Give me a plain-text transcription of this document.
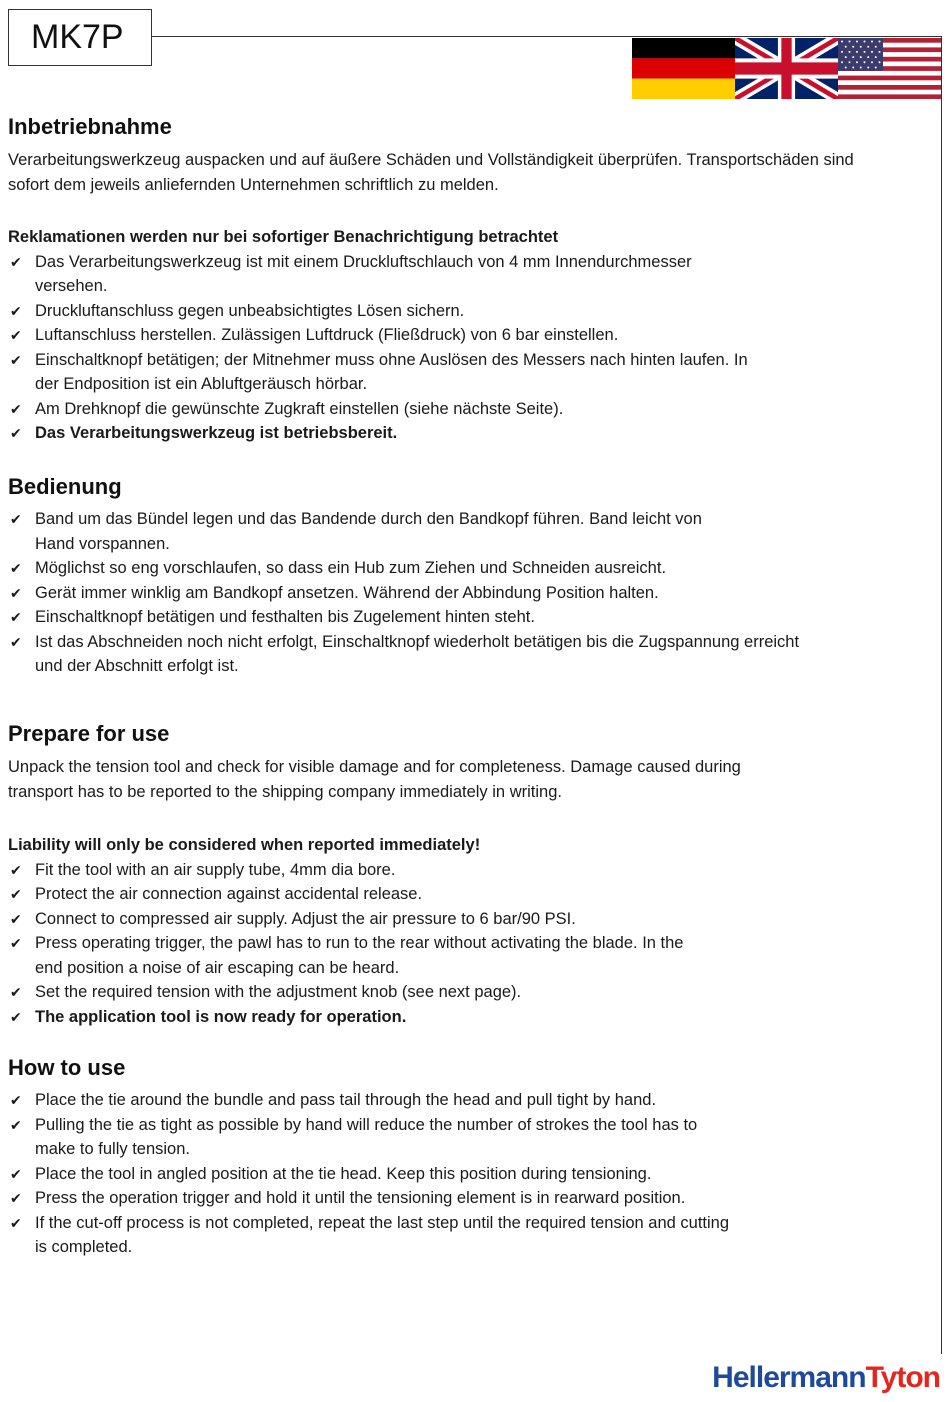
MK7P
Inbetriebnahme

Verarbeitungswerkzeug auspacken und auf äußere Schäden und Vollständigkeit überprüfen. Transportschäden sind sofort dem jeweils anliefernden Unternehmen schriftlich zu melden.

Reklamationen werden nur bei sofortiger Benachrichtigung betrachtet

✔ Das Verarbeitungswerkzeug ist mit einem Druckluftschlauch von 4 mm Innendurchmesser versehen.
✔ Druckluftanschluss gegen unbeabsichtigtes Lösen sichern.
✔ Luftanschluss herstellen. Zulässigen Luftdruck (Fließdruck) von 6 bar einstellen.
✔ Einschaltknopf betätigen; der Mitnehmer muss ohne Auslösen des Messers nach hinten laufen. In der Endposition ist ein Abluftgeräusch hörbar.
✔ Am Drehknopf die gewünschte Zugkraft einstellen (siehe nächste Seite).
✔ Das Verarbeitungswerkzeug ist betriebsbereit.
Bedienung
✔ Band um das Bündel legen und das Bandende durch den Bandkopf führen. Band leicht von Hand vorspannen.
✔ Möglichst so eng vorschlaufen, so dass ein Hub zum Ziehen und Schneiden ausreicht.
✔ Gerät immer winklig am Bandkopf ansetzen. Während der Abbindung Position halten.
✔ Einschaltknopf betätigen und festhalten bis Zugelement hinten steht.
✔ Ist das Abschneiden noch nicht erfolgt, Einschaltknopf wiederholt betätigen bis die Zugspannung erreicht und der Abschnitt erfolgt ist.
Prepare for use

Unpack the tension tool and check for visible damage and for completeness. Damage caused during transport has to be reported to the shipping company immediately in writing.

Liability will only be considered when reported immediately!

✔ Fit the tool with an air supply tube, 4mm dia bore.
✔ Protect the air connection against accidental release.
✔ Connect to compressed air supply. Adjust the air pressure to 6 bar/90 PSI.
✔ Press operating trigger, the pawl has to run to the rear without activating the blade. In the end position a noise of air escaping can be heard.
✔ Set the required tension with the adjustment knob (see next page).
✔ The application tool is now ready for operation.
How to use
✔ Place the tie around the bundle and pass tail through the head and pull tight by hand.
✔ Pulling the tie as tight as possible by hand will reduce the number of strokes the tool has to make to fully tension.
✔ Place the tool in angled position at the tie head. Keep this position during tensioning.
✔ Press the operation trigger and hold it until the tensioning element is in rearward position.
✔ If the cut-off process is not completed, repeat the last step until the required tension and cutting is completed.
HellermannTyton
